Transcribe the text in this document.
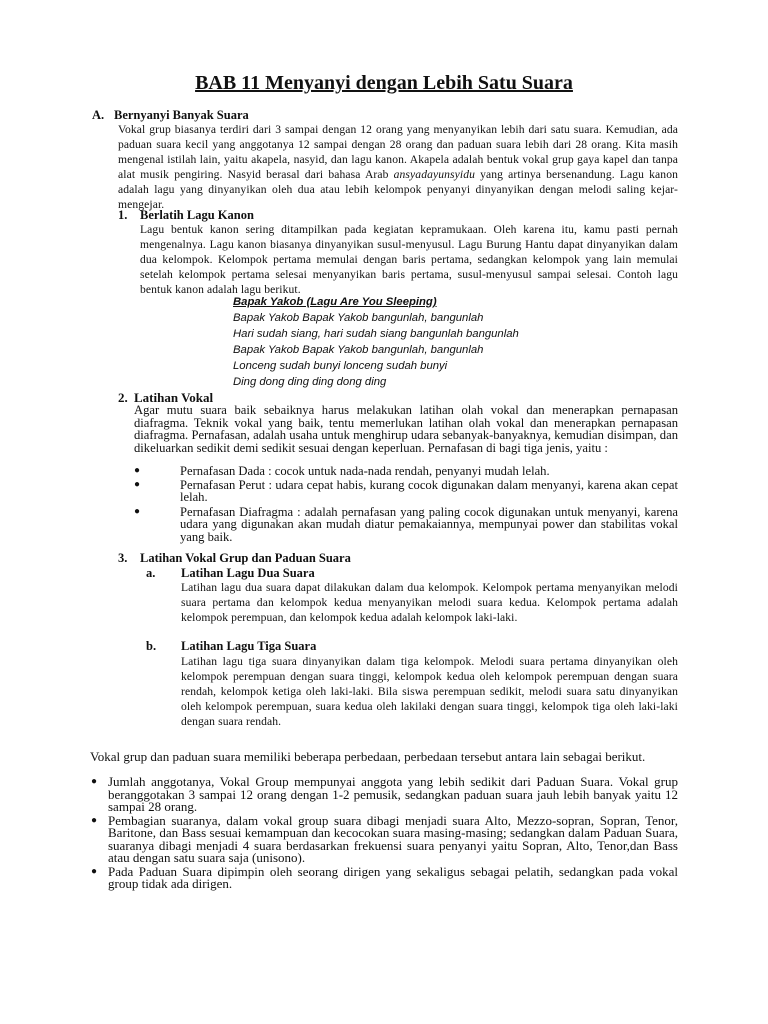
BAB 11 Menyanyi dengan Lebih Satu Suara
A. Bernyanyi Banyak Suara

Vokal grup biasanya terdiri dari 3 sampai dengan 12 orang yang menyanyikan lebih dari satu suara. Kemudian, ada paduan suara kecil yang anggotanya 12 sampai dengan 28 orang dan paduan suara lebih dari 28 orang. Kita masih mengenal istilah lain, yaitu akapela, nasyid, dan lagu kanon. Akapela adalah bentuk vokal grup gaya kapel dan tanpa alat musik pengiring. Nasyid berasal dari bahasa Arab ansyadayunsyidu yang artinya bersenandung. Lagu kanon adalah lagu yang dinyanyikan oleh dua atau lebih kelompok penyanyi dinyanyikan dengan melodi saling kejar-mengejar.

1. Berlatih Lagu Kanon

Lagu bentuk kanon sering ditampilkan pada kegiatan kepramukaan. Oleh karena itu, kamu pasti pernah mengenalnya. Lagu kanon biasanya dinyanyikan susul-menyusul. Lagu Burung Hantu dapat dinyanyikan dalam dua kelompok. Kelompok pertama memulai dengan baris pertama, sedangkan kelompok yang lain memulai setelah kelompok pertama selesai menyanyikan baris pertama, susul-menyusul sampai selesai. Contoh lagu bentuk kanon adalah lagu berikut.

Bapak Yakob (Lagu Are You Sleeping)
Bapak Yakob Bapak Yakob bangunlah, bangunlah
Hari sudah siang, hari sudah siang bangunlah bangunlah
Bapak Yakob Bapak Yakob bangunlah, bangunlah
Lonceng sudah bunyi lonceng sudah bunyi
Ding dong ding ding dong ding
2. Latihan Vokal

Agar mutu suara baik sebaiknya harus melakukan latihan olah vokal dan menerapkan pernapasan diafragma. Teknik vokal yang baik, tentu memerlukan latihan olah vokal dan menerapkan pernapasan diafragma. Pernafasan, adalah usaha untuk menghirup udara sebanyak-banyaknya, kemudian disimpan, dan dikeluarkan sedikit demi sedikit sesuai dengan keperluan. Pernafasan di bagi tiga jenis, yaitu :

●	Pernafasan Dada : cocok untuk nada-nada rendah, penyanyi mudah lelah.
●	Pernafasan Perut : udara cepat habis, kurang cocok digunakan dalam menyanyi, karena akan cepat lelah.
●	Pernafasan Diafragma : adalah pernafasan yang paling cocok digunakan untuk menyanyi, karena udara yang digunakan akan mudah diatur pemakaiannya, mempunyai power dan stabilitas vokal yang baik.
3. Latihan Vokal Grup dan Paduan Suara
a. Latihan Lagu Dua Suara

Latihan lagu dua suara dapat dilakukan dalam dua kelompok. Kelompok pertama menyanyikan melodi suara pertama dan kelompok kedua menyanyikan melodi suara kedua. Kelompok pertama adalah kelompok perempuan, dan kelompok kedua adalah kelompok laki-laki.

b. Latihan Lagu Tiga Suara

Latihan lagu tiga suara dinyanyikan dalam tiga kelompok. Melodi suara pertama dinyanyikan oleh kelompok perempuan dengan suara tinggi, kelompok kedua oleh kelompok perempuan dengan suara rendah, kelompok ketiga oleh laki-laki. Bila siswa perempuan sedikit, melodi suara satu dinyanyikan oleh kelompok perempuan, suara kedua oleh lakilaki dengan suara tinggi, kelompok tiga oleh laki-laki dengan suara rendah.

Vokal grup dan paduan suara memiliki beberapa perbedaan, perbedaan tersebut antara lain sebagai berikut.

● Jumlah anggotanya, Vokal Group mempunyai anggota yang lebih sedikit dari Paduan Suara. Vokal grup beranggotakan 3 sampai 12 orang dengan 1-2 pemusik, sedangkan paduan suara jauh lebih banyak yaitu 12 sampai 28 orang.
● Pembagian suaranya, dalam vokal group suara dibagi menjadi suara Alto, Mezzo-sopran, Sopran, Tenor, Baritone, dan Bass sesuai kemampuan dan kecocokan suara masing-masing; sedangkan dalam Paduan Suara, suaranya dibagi menjadi 4 suara berdasarkan frekuensi suara penyanyi yaitu Sopran, Alto, Tenor,dan Bass atau dengan satu suara saja (unisono).
● Pada Paduan Suara dipimpin oleh seorang dirigen yang sekaligus sebagai pelatih, sedangkan pada vokal group tidak ada dirigen.
